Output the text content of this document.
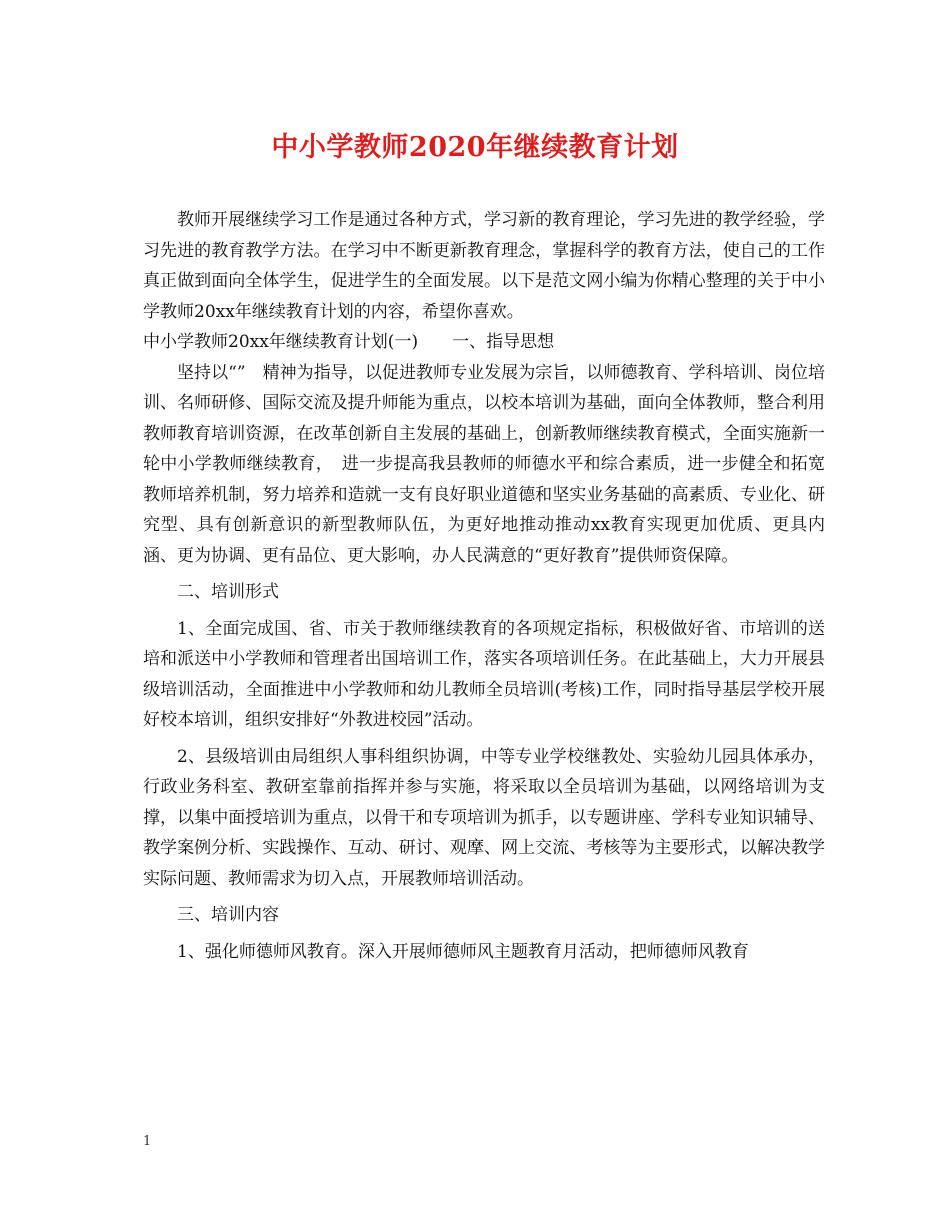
中小学教师2020年继续教育计划

教师开展继续学习工作是通过各种方式，学习新的教育理论，学习先进的教学经验，学习先进的教育教学方法。在学习中不断更新教育理念，掌握科学的教育方法，使自己的工作真正做到面向全体学生，促进学生的全面发展。以下是范文网小编为你精心整理的关于中小学教师20xx年继续教育计划的内容，希望你喜欢。

中小学教师20xx年继续教育计划(一)　　一、指导思想

坚持以“”　精神为指导，以促进教师专业发展为宗旨，以师德教育、学科培训、岗位培训、名师研修、国际交流及提升师能为重点，以校本培训为基础，面向全体教师，整合利用教师教育培训资源，在改革创新自主发展的基础上，创新教师继续教育模式，全面实施新一轮中小学教师继续教育，　进一步提高我县教师的师德水平和综合素质，进一步健全和拓宽教师培养机制，努力培养和造就一支有良好职业道德和坚实业务基础的高素质、专业化、研究型、具有创新意识的新型教师队伍，为更好地推动推动xx教育实现更加优质、更具内涵、更为协调、更有品位、更大影响，办人民满意的“更好教育”提供师资保障。

二、培训形式

1、全面完成国、省、市关于教师继续教育的各项规定指标，积极做好省、市培训的送培和派送中小学教师和管理者出国培训工作，落实各项培训任务。在此基础上，大力开展县级培训活动，全面推进中小学教师和幼儿教师全员培训(考核)工作，同时指导基层学校开展好校本培训，组织安排好“外教进校园”活动。

2、县级培训由局组织人事科组织协调，中等专业学校继教处、实验幼儿园具体承办，行政业务科室、教研室靠前指挥并参与实施，将采取以全员培训为基础，以网络培训为支撑，以集中面授培训为重点，以骨干和专项培训为抓手，以专题讲座、学科专业知识辅导、教学案例分析、实践操作、互动、研讨、观摩、网上交流、考核等为主要形式，以解决教学实际问题、教师需求为切入点，开展教师培训活动。

三、培训内容

1、强化师德师风教育。深入开展师德师风主题教育月活动，把师德师风教育

1
